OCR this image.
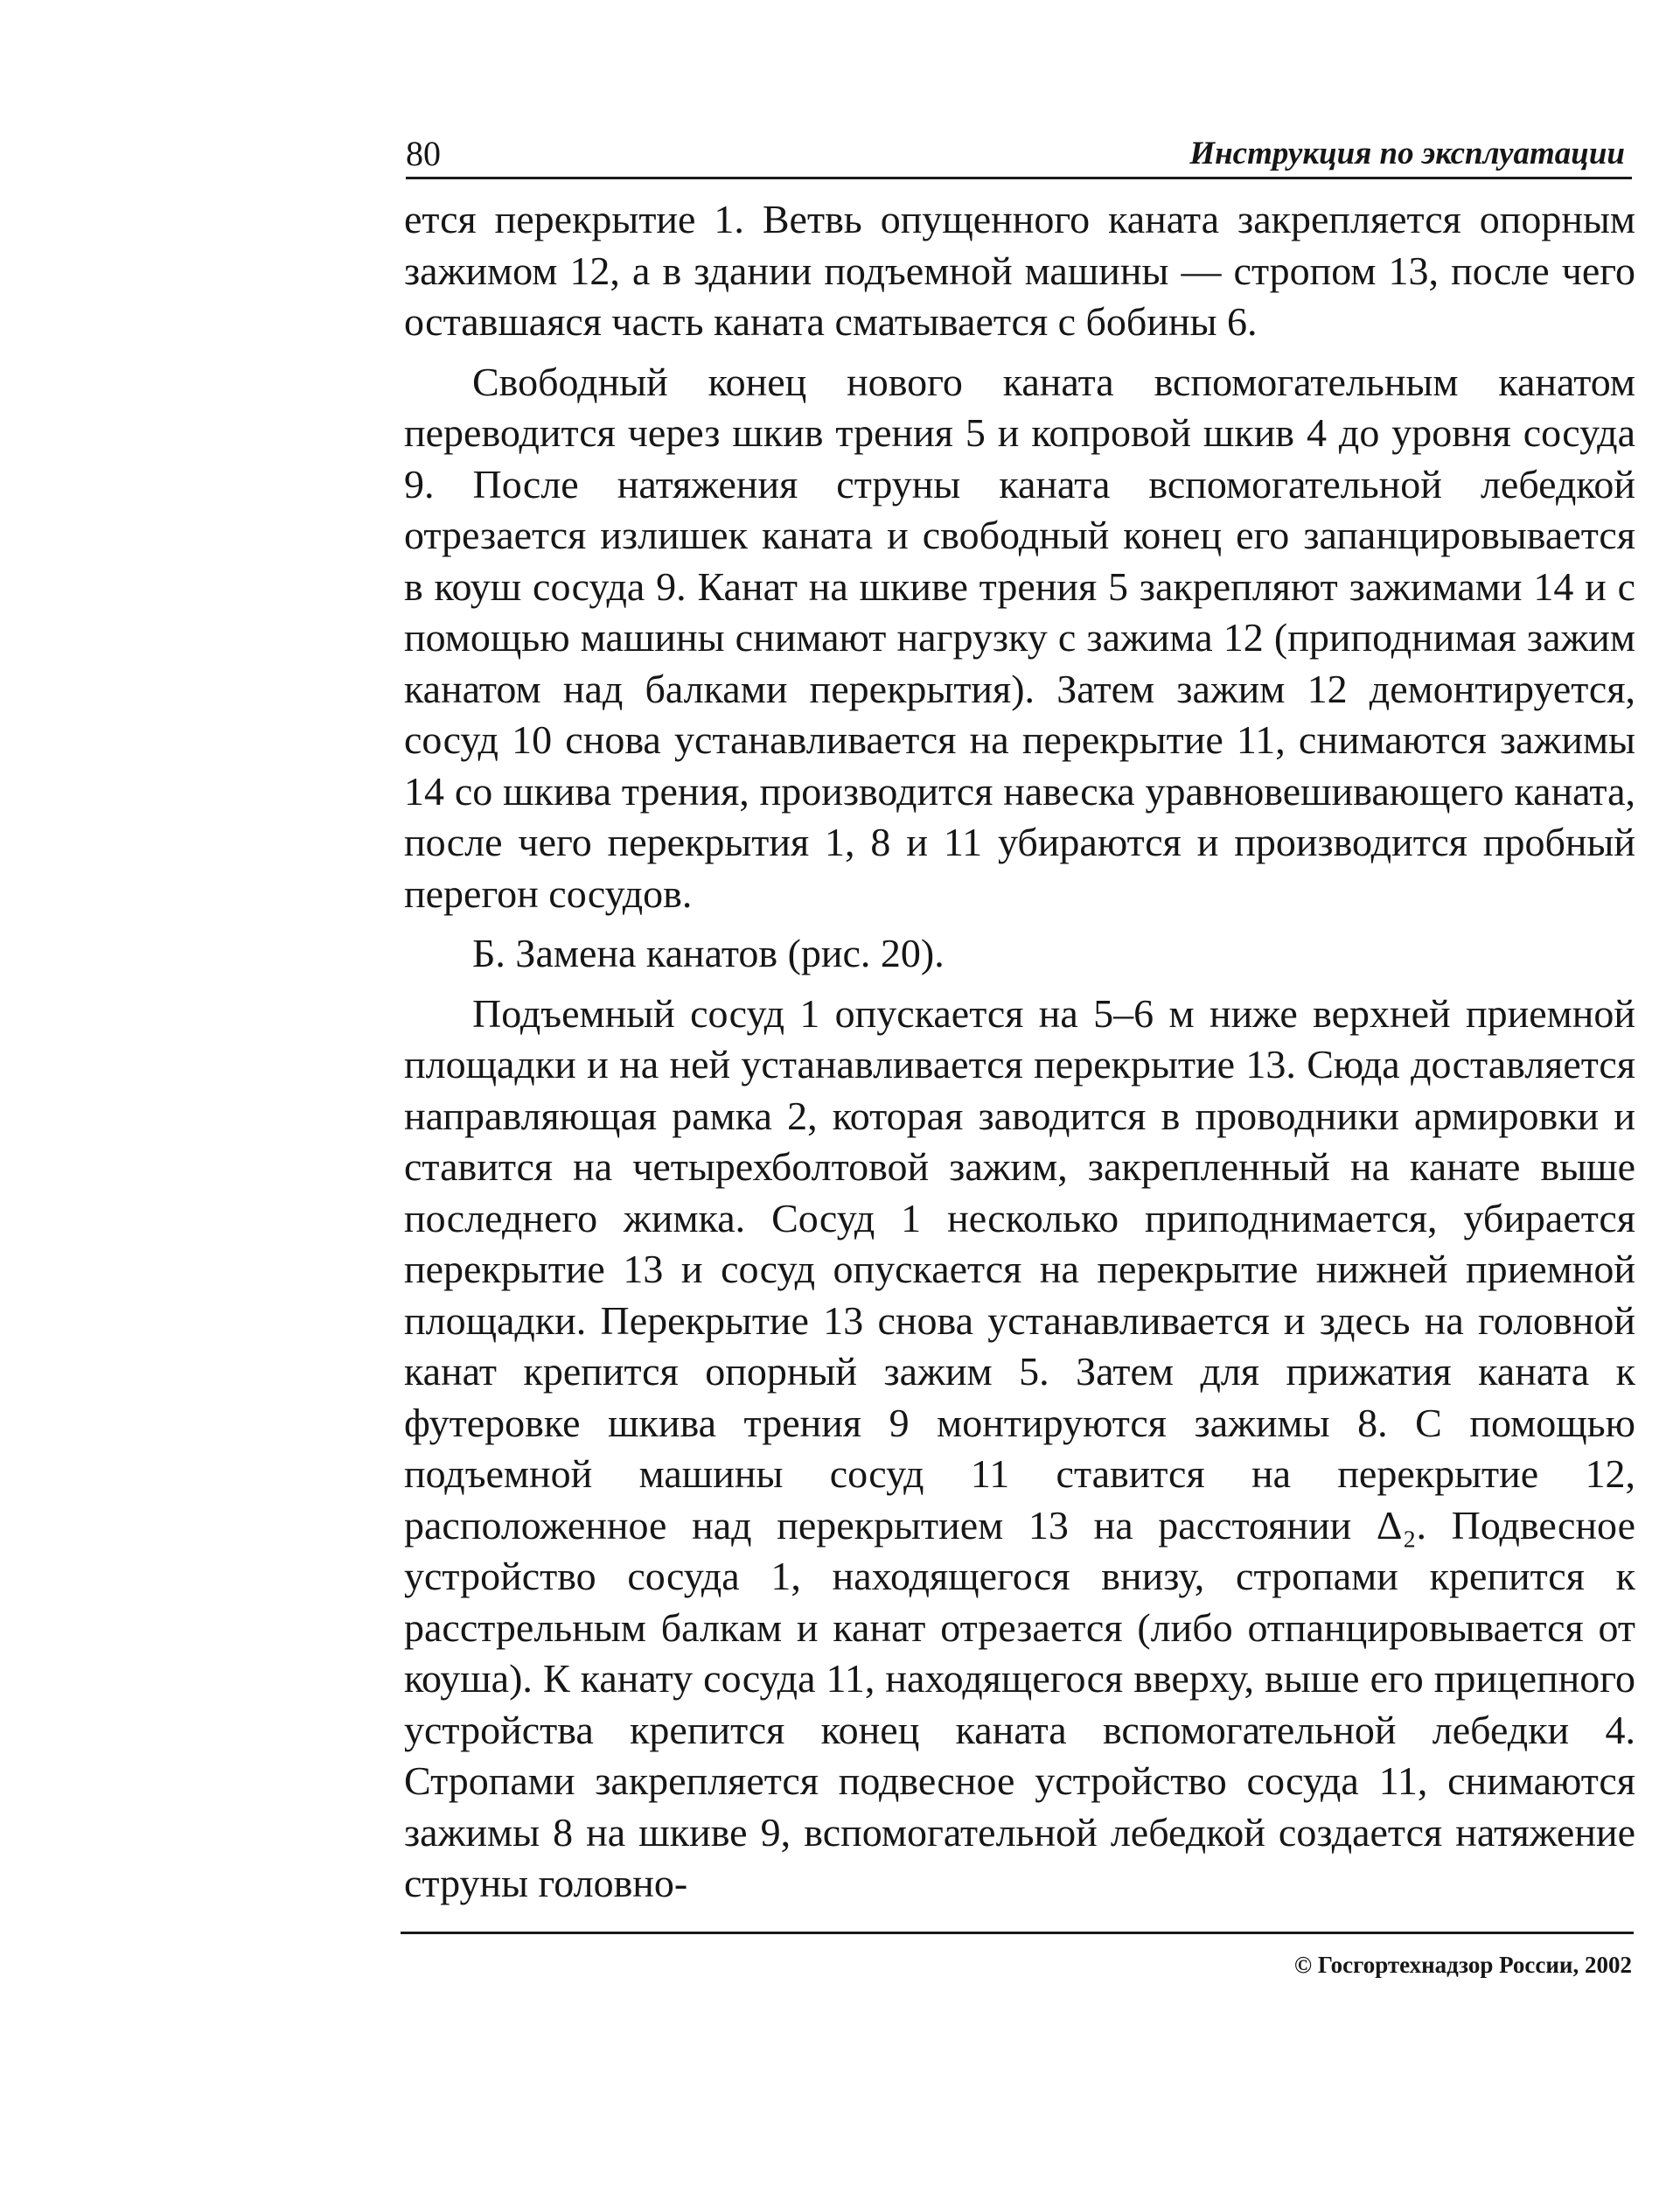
80	Инструкция по эксплуатации

ется перекрытие 1. Ветвь опущенного каната закрепляется опорным зажимом 12, а в здании подъемной машины — стропом 13, после чего оставшаяся часть каната сматывается с бобины 6.

Свободный конец нового каната вспомогательным канатом переводится через шкив трения 5 и копровой шкив 4 до уровня сосуда 9. После натяжения струны каната вспомогательной лебедкой отрезается излишек каната и свободный конец его запанцировывается в коуш сосуда 9. Канат на шкиве трения 5 закрепляют зажимами 14 и с помощью машины снимают нагрузку с зажима 12 (приподнимая зажим канатом над балками перекрытия). Затем зажим 12 демонтируется, сосуд 10 снова устанавливается на перекрытие 11, снимаются зажимы 14 со шкива трения, производится навеска уравновешивающего каната, после чего перекрытия 1, 8 и 11 убираются и производится пробный перегон сосудов.

Б. Замена канатов (рис. 20).

Подъемный сосуд 1 опускается на 5–6 м ниже верхней приемной площадки и на ней устанавливается перекрытие 13. Сюда доставляется направляющая рамка 2, которая заводится в проводники армировки и ставится на четырехболтовой зажим, закрепленный на канате выше последнего жимка. Сосуд 1 несколько приподнимается, убирается перекрытие 13 и сосуд опускается на перекрытие нижней приемной площадки. Перекрытие 13 снова устанавливается и здесь на головной канат крепится опорный зажим 5. Затем для прижатия каната к футеровке шкива трения 9 монтируются зажимы 8. С помощью подъемной машины сосуд 11 ставится на перекрытие 12, расположенное над перекрытием 13 на расстоянии Δ₂. Подвесное устройство сосуда 1, находящегося внизу, стропами крепится к расстрельным балкам и канат отрезается (либо отпанцировывается от коуша). К канату сосуда 11, находящегося вверху, выше его прицепного устройства крепится конец каната вспомогательной лебедки 4. Стропами закрепляется подвесное устройство сосуда 11, снимаются зажимы 8 на шкиве 9, вспомогательной лебедкой создается натяжение струны головно-

© Госгортехнадзор России, 2002
